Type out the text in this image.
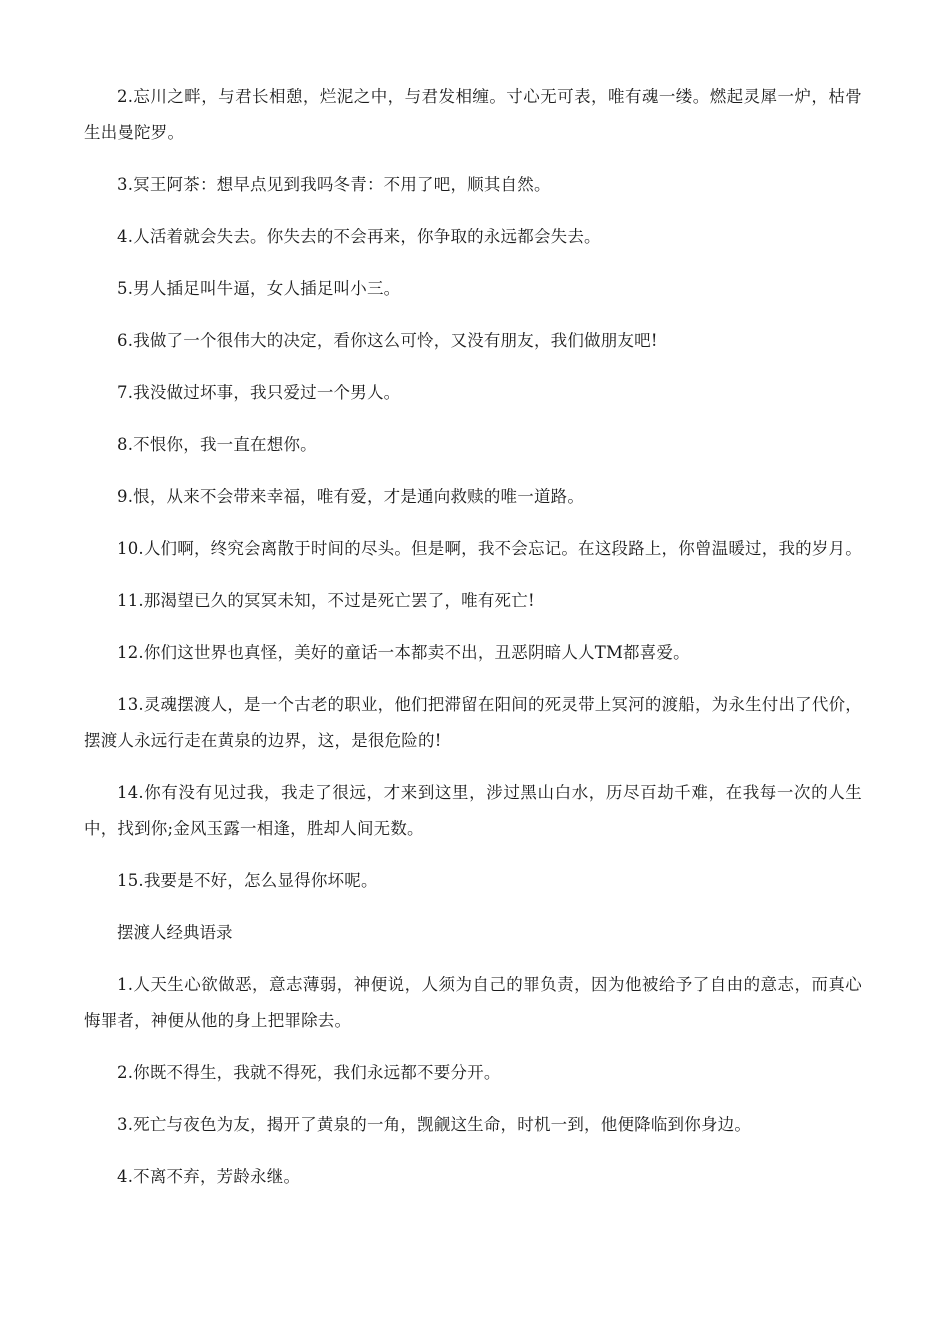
2.忘川之畔，与君长相憩，烂泥之中，与君发相缠。寸心无可表，唯有魂一缕。燃起灵犀一炉，枯骨生出曼陀罗。

3.冥王阿茶：想早点见到我吗冬青：不用了吧，顺其自然。

4.人活着就会失去。你失去的不会再来，你争取的永远都会失去。

5.男人插足叫牛逼，女人插足叫小三。

6.我做了一个很伟大的决定，看你这么可怜，又没有朋友，我们做朋友吧!

7.我没做过坏事，我只爱过一个男人。

8.不恨你，我一直在想你。

9.恨，从来不会带来幸福，唯有爱，才是通向救赎的唯一道路。

10.人们啊，终究会离散于时间的尽头。但是啊，我不会忘记。在这段路上，你曾温暖过，我的岁月。

11.那渴望已久的冥冥未知，不过是死亡罢了，唯有死亡!

12.你们这世界也真怪，美好的童话一本都卖不出，丑恶阴暗人人TM都喜爱。

13.灵魂摆渡人，是一个古老的职业，他们把滞留在阳间的死灵带上冥河的渡船，为永生付出了代价，摆渡人永远行走在黄泉的边界，这，是很危险的!

14.你有没有见过我，我走了很远，才来到这里，涉过黑山白水，历尽百劫千难，在我每一次的人生中，找到你;金风玉露一相逢，胜却人间无数。

15.我要是不好，怎么显得你坏呢。

摆渡人经典语录

1.人天生心欲做恶，意志薄弱，神便说，人须为自己的罪负责，因为他被给予了自由的意志，而真心悔罪者，神便从他的身上把罪除去。

2.你既不得生，我就不得死，我们永远都不要分开。

3.死亡与夜色为友，揭开了黄泉的一角，觊觎这生命，时机一到，他便降临到你身边。

4.不离不弃，芳龄永继。
